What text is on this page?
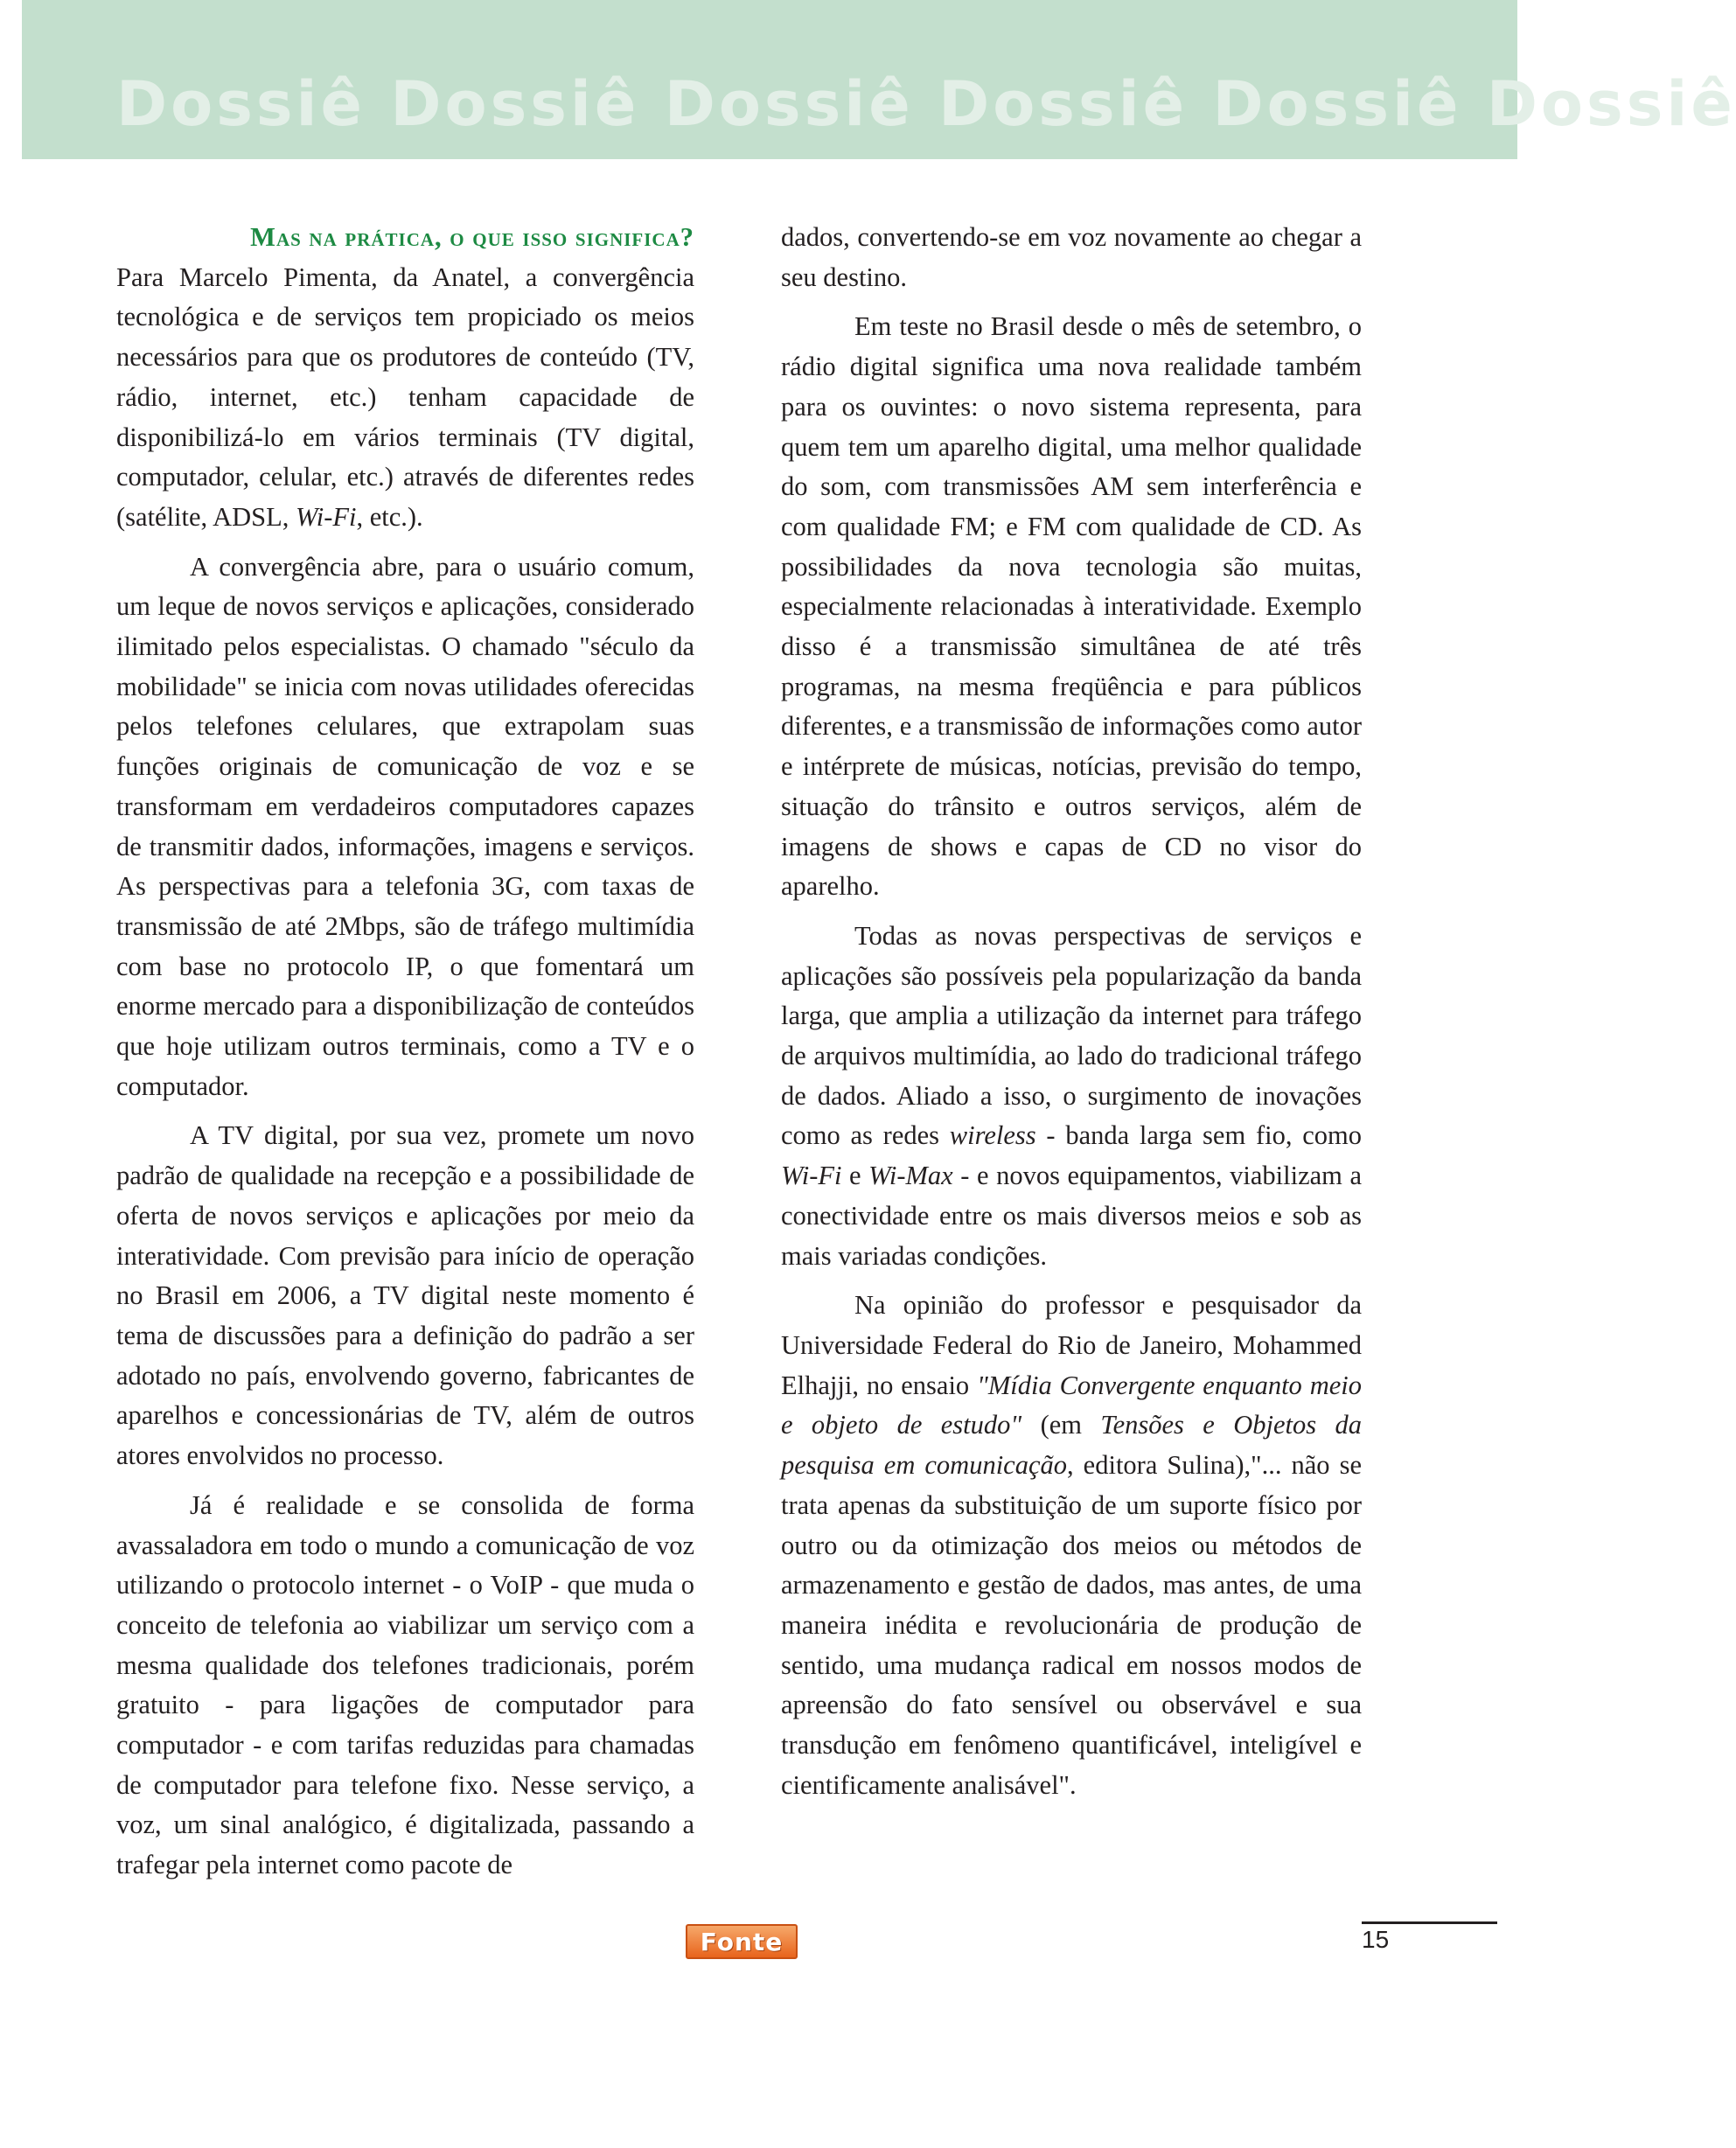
Dossiê Dossiê Dossiê Dossiê Dossiê Dossiê
Mas na prática, o que isso significa?

Para Marcelo Pimenta, da Anatel, a convergência tecnológica e de serviços tem propiciado os meios necessários para que os produtores de conteúdo (TV, rádio, internet, etc.) tenham capacidade de disponibilizá-lo em vários terminais (TV digital, computador, celular, etc.) através de diferentes redes (satélite, ADSL, Wi-Fi, etc.).

A convergência abre, para o usuário comum, um leque de novos serviços e aplicações, considerado ilimitado pelos especialistas. O chamado "século da mobilidade" se inicia com novas utilidades oferecidas pelos telefones celulares, que extrapolam suas funções originais de comunicação de voz e se transformam em verdadeiros computadores capazes de transmitir dados, informações, imagens e serviços. As perspectivas para a telefonia 3G, com taxas de transmissão de até 2Mbps, são de tráfego multimídia com base no protocolo IP, o que fomentará um enorme mercado para a disponibilização de conteúdos que hoje utilizam outros terminais, como a TV e o computador.

A TV digital, por sua vez, promete um novo padrão de qualidade na recepção e a possibilidade de oferta de novos serviços e aplicações por meio da interatividade. Com previsão para início de operação no Brasil em 2006, a TV digital neste momento é tema de discussões para a definição do padrão a ser adotado no país, envolvendo governo, fabricantes de aparelhos e concessionárias de TV, além de outros atores envolvidos no processo.

Já é realidade e se consolida de forma avassaladora em todo o mundo a comunicação de voz utilizando o protocolo internet - o VoIP - que muda o conceito de telefonia ao viabilizar um serviço com a mesma qualidade dos telefones tradicionais, porém gratuito - para ligações de computador para computador - e com tarifas reduzidas para chamadas de computador para telefone fixo. Nesse serviço, a voz, um sinal analógico, é digitalizada, passando a trafegar pela internet como pacote de

dados, convertendo-se em voz novamente ao chegar a seu destino.

Em teste no Brasil desde o mês de setembro, o rádio digital significa uma nova realidade também para os ouvintes: o novo sistema representa, para quem tem um aparelho digital, uma melhor qualidade do som, com transmissões AM sem interferência e com qualidade FM; e FM com qualidade de CD. As possibilidades da nova tecnologia são muitas, especialmente relacionadas à interatividade. Exemplo disso é a transmissão simultânea de até três programas, na mesma freqüência e para públicos diferentes, e a transmissão de informações como autor e intérprete de músicas, notícias, previsão do tempo, situação do trânsito e outros serviços, além de imagens de shows e capas de CD no visor do aparelho.

Todas as novas perspectivas de serviços e aplicações são possíveis pela popularização da banda larga, que amplia a utilização da internet para tráfego de arquivos multimídia, ao lado do tradicional tráfego de dados. Aliado a isso, o surgimento de inovações como as redes wireless - banda larga sem fio, como Wi-Fi e Wi-Max - e novos equipamentos, viabilizam a conectividade entre os mais diversos meios e sob as mais variadas condições.

Na opinião do professor e pesquisador da Universidade Federal do Rio de Janeiro, Mohammed Elhajji, no ensaio "Mídia Convergente enquanto meio e objeto de estudo" (em Tensões e Objetos da pesquisa em comunicação, editora Sulina),"... não se trata apenas da substituição de um suporte físico por outro ou da otimização dos meios ou métodos de armazenamento e gestão de dados, mas antes, de uma maneira inédita e revolucionária de produção de sentido, uma mudança radical em nossos modos de apreensão do fato sensível ou observável e sua transdução em fenômeno quantificável, inteligível e cientificamente analisável".

Fonte	15
